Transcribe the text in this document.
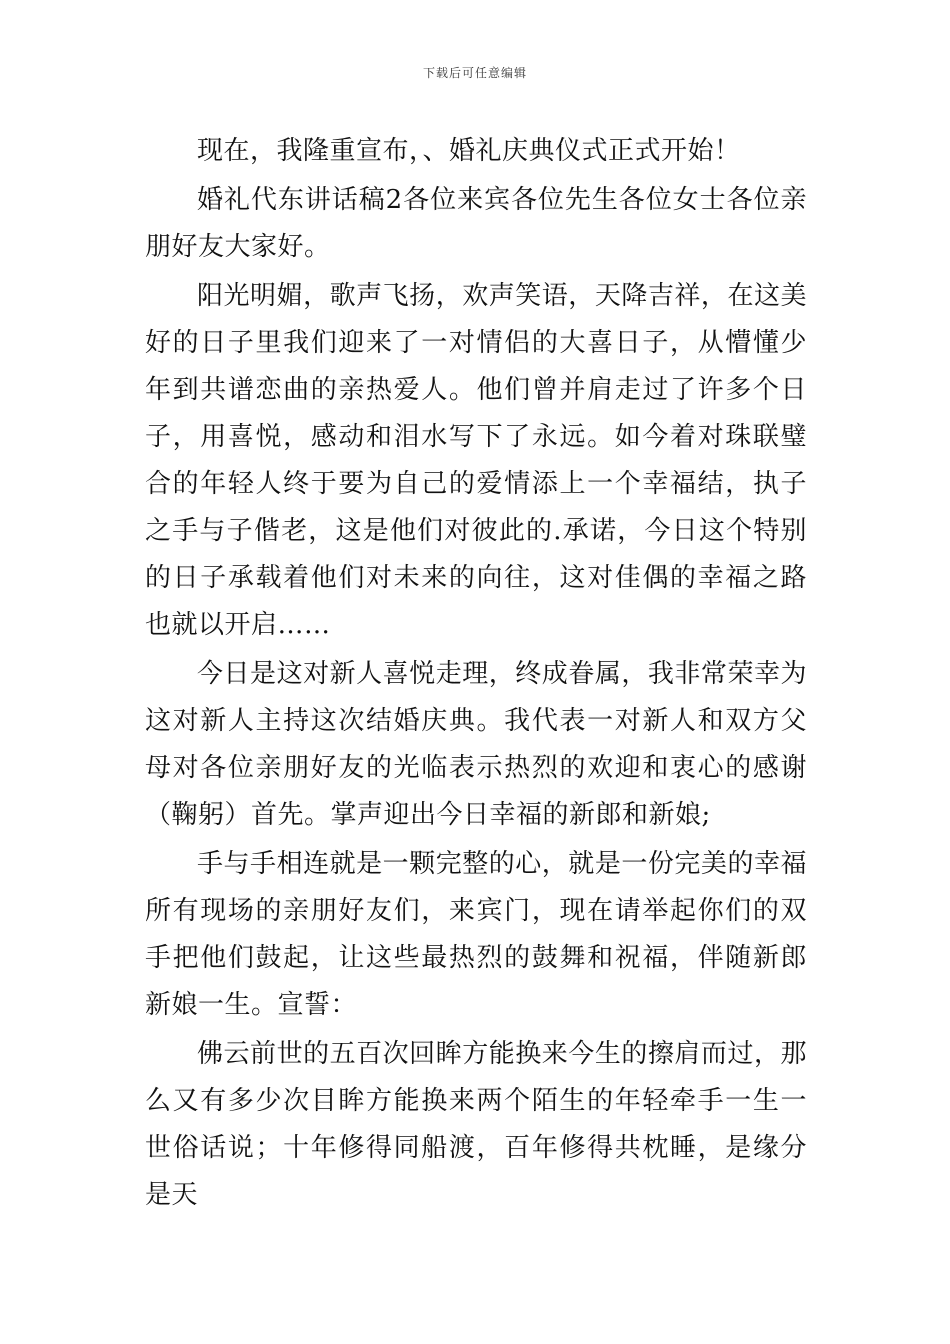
下载后可任意编辑

现在，我隆重宣布，、婚礼庆典仪式正式开始！

婚礼代东讲话稿2各位来宾各位先生各位女士各位亲朋好友大家好。

阳光明媚，歌声飞扬，欢声笑语，天降吉祥，在这美好的日子里我们迎来了一对情侣的大喜日子，从懵懂少年到共谱恋曲的亲热爱人。他们曾并肩走过了许多个日子，用喜悦，感动和泪水写下了永远。如今着对珠联璧合的年轻人终于要为自己的爱情添上一个幸福结，执子之手与子偕老，这是他们对彼此的.承诺，今日这个特别的日子承载着他们对未来的向往，这对佳偶的幸福之路也就以开启……

今日是这对新人喜悦走理，终成眷属，我非常荣幸为这对新人主持这次结婚庆典。我代表一对新人和双方父母对各位亲朋好友的光临表示热烈的欢迎和衷心的感谢（鞠躬）首先。掌声迎出今日幸福的新郎和新娘;

手与手相连就是一颗完整的心，就是一份完美的幸福所有现场的亲朋好友们，来宾门，现在请举起你们的双手把他们鼓起，让这些最热烈的鼓舞和祝福，伴随新郎新娘一生。宣誓：

佛云前世的五百次回眸方能换来今生的擦肩而过，那么又有多少次目眸方能换来两个陌生的年轻牵手一生一世俗话说；十年修得同船渡，百年修得共枕睡，是缘分是天
